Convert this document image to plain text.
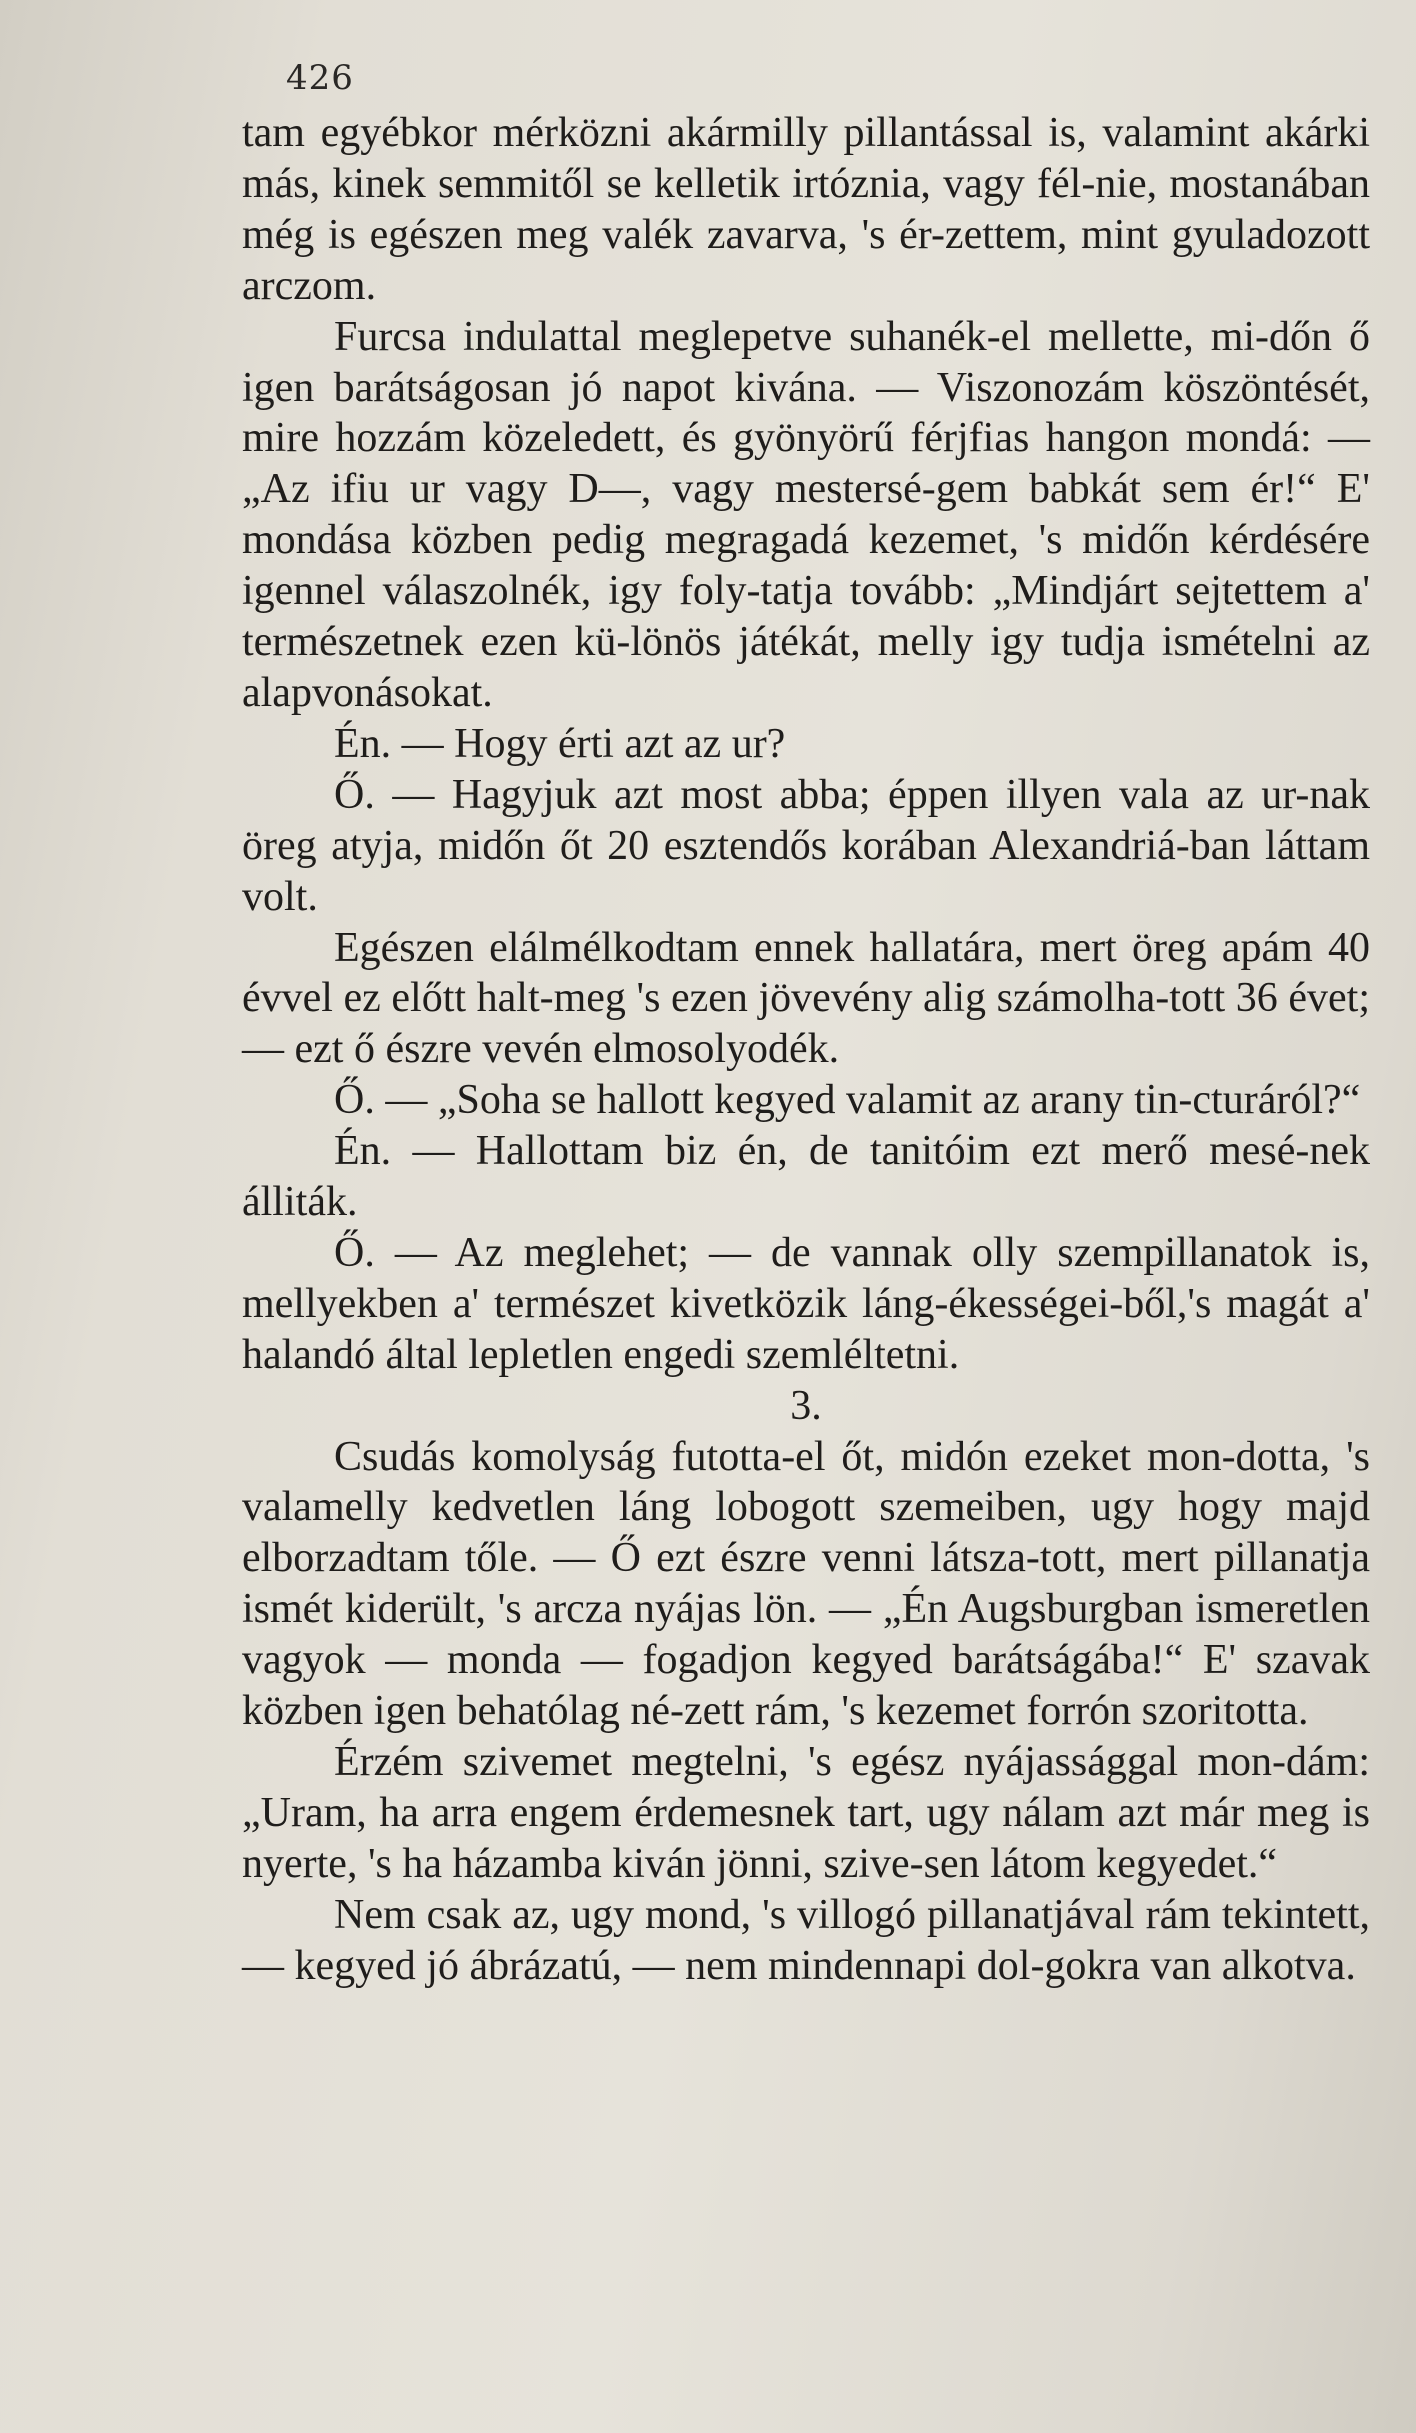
426

tam egyébkor mérközni akármilly pillantással is, valamint akárki más, kinek semmitől se kelletik irtóznia, vagy fél-nie, mostanában még is egészen meg valék zavarva, 's ér-zettem, mint gyuladozott arczom.

Furcsa indulattal meglepetve suhanék-el mellette, mi-dőn ő igen barátságosan jó napot kivána. — Viszonozám köszöntését, mire hozzám közeledett, és gyönyörű férjfias hangon mondá: — „Az ifiu ur vagy D—, vagy mestersé-gem babkát sem ér!“ E' mondása közben pedig megragadá kezemet, 's midőn kérdésére igennel válaszolnék, igy foly-tatja tovább: „Mindjárt sejtettem a' természetnek ezen kü-lönös játékát, melly igy tudja ismételni az alapvonásokat.

Én. — Hogy érti azt az ur?

Ő. — Hagyjuk azt most abba; éppen illyen vala az ur-nak öreg atyja, midőn őt 20 esztendős korában Alexandriá-ban láttam volt.

Egészen elálmélkodtam ennek hallatára, mert öreg apám 40 évvel ez előtt halt-meg 's ezen jövevény alig számolha-tott 36 évet; — ezt ő észre vevén elmosolyodék.

Ő. — „Soha se hallott kegyed valamit az arany tin-cturáról?“

Én. — Hallottam biz én, de tanitóim ezt merő mesé-nek álliták.

Ő. — Az meglehet; — de vannak olly szempillanatok is, mellyekben a' természet kivetközik láng-ékességei-ből,'s magát a' halandó által lepletlen engedi szemléltetni.

3.

Csudás komolyság futotta-el őt, midón ezeket mon-dotta, 's valamelly kedvetlen láng lobogott szemeiben, ugy hogy majd elborzadtam tőle. — Ő ezt észre venni látsza-tott, mert pillanatja ismét kiderült, 's arcza nyájas lön. — „Én Augsburgban ismeretlen vagyok — monda — fogadjon kegyed barátságába!“ E' szavak közben igen behatólag né-zett rám, 's kezemet forrón szoritotta.

Érzém szivemet megtelni, 's egész nyájassággal mon-dám: „Uram, ha arra engem érdemesnek tart, ugy nálam azt már meg is nyerte, 's ha házamba kiván jönni, szive-sen látom kegyedet.“

Nem csak az, ugy mond, 's villogó pillanatjával rám tekintett, — kegyed jó ábrázatú, — nem mindennapi dol-gokra van alkotva.
